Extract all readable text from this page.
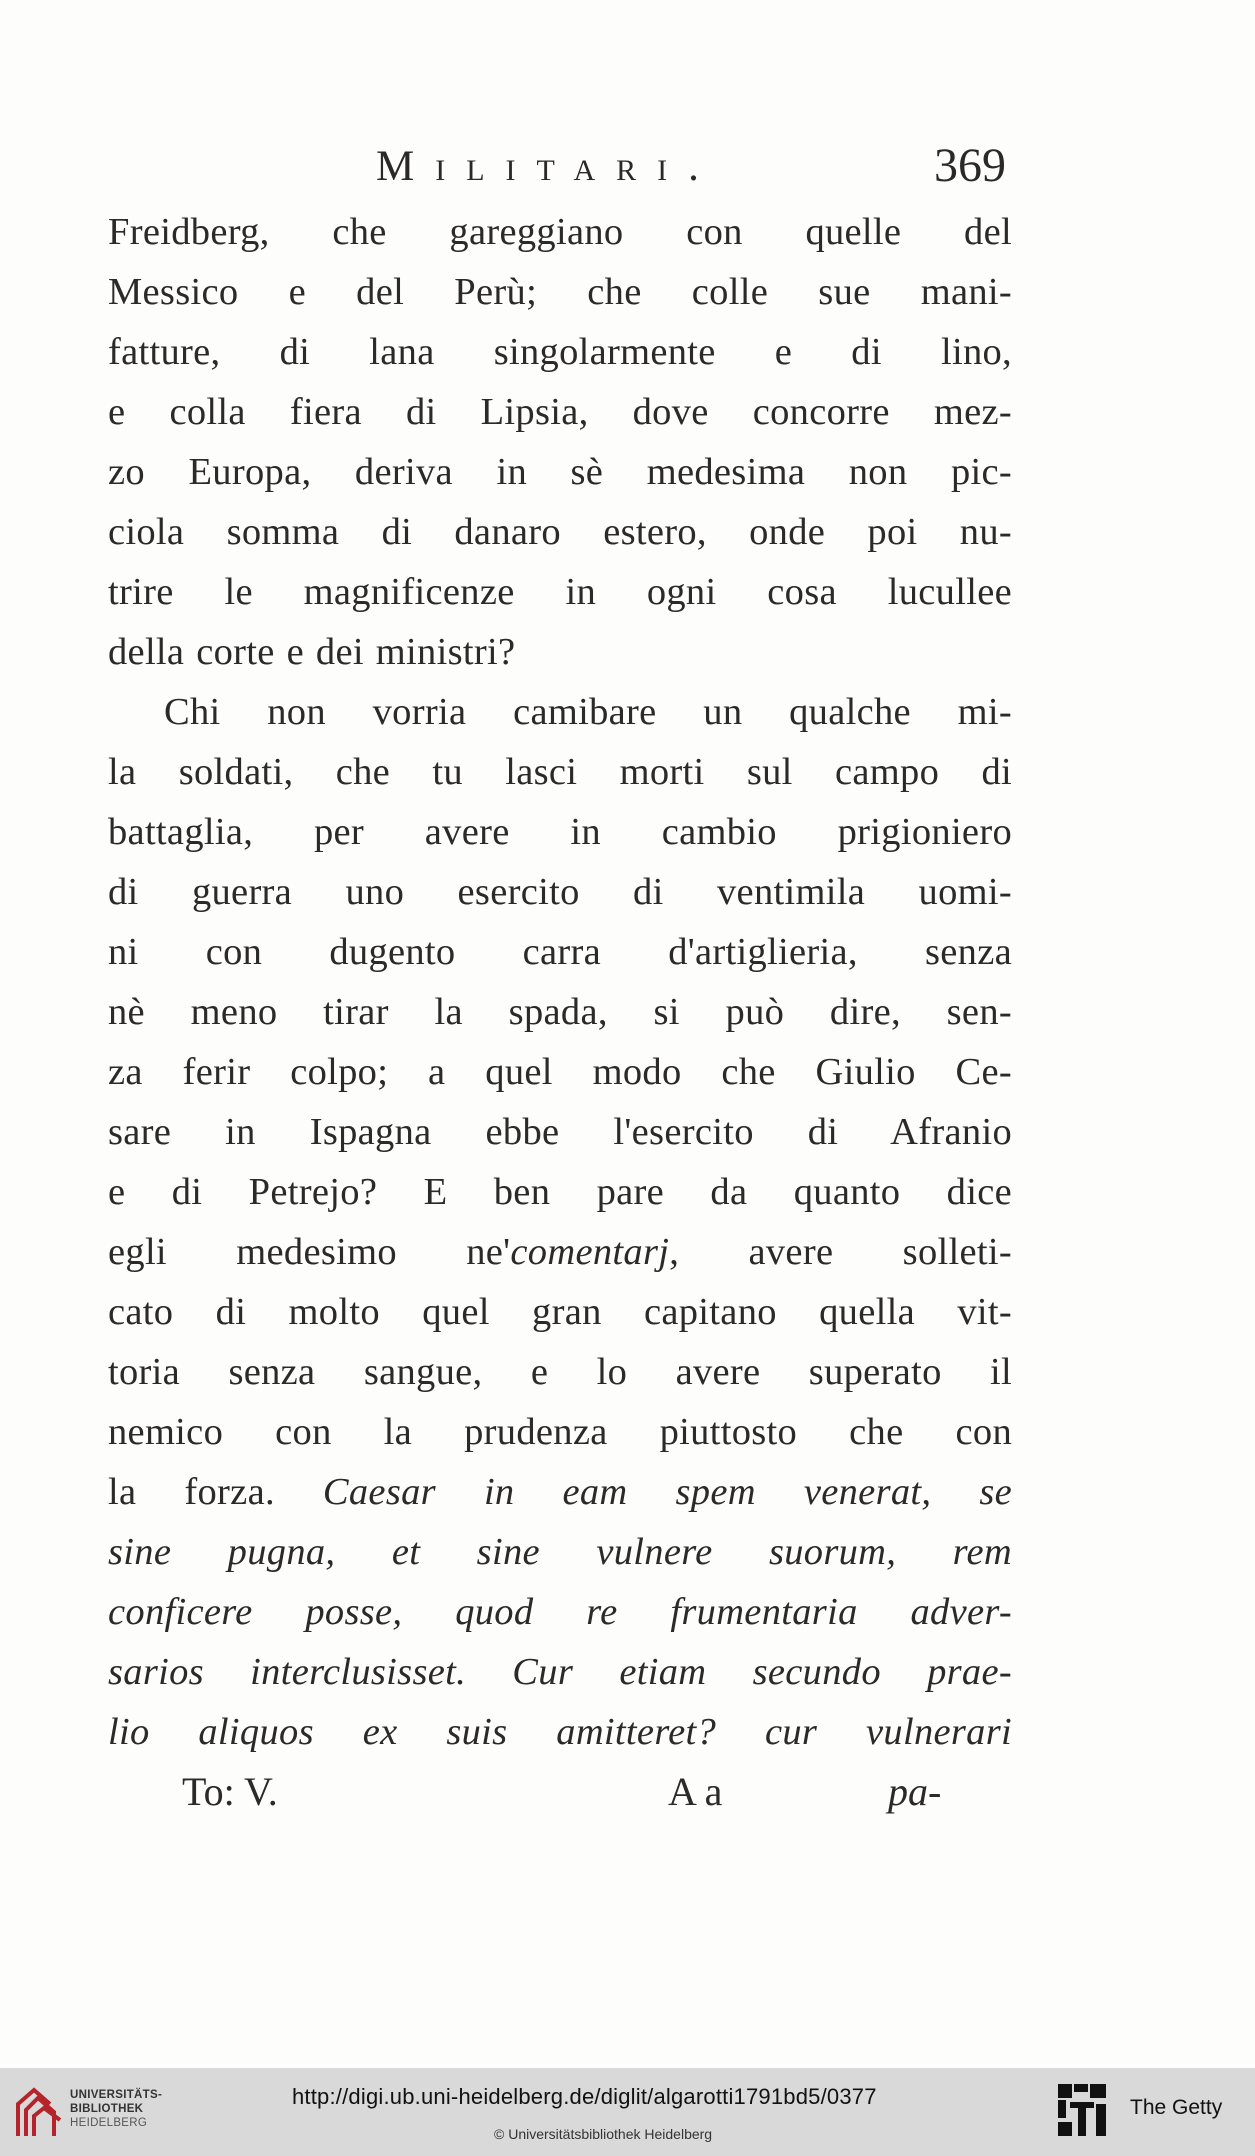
Militari.	369
Freidberg, che gareggiano con quelle del
Messico e del Perù; che colle sue mani-
fatture, di lana singolarmente e di lino,
e colla fiera di Lipsia, dove concorre mez-
zo Europa, deriva in sè medesima non pic-
ciola somma di danaro estero, onde poi nu-
trire le magnificenze in ogni cosa lucullee
della corte e dei ministri?
Chi non vorria camibare un qualche mi-
la soldati, che tu lasci morti sul campo di
battaglia, per avere in cambio prigioniero
di guerra uno esercito di ventimila uomi-
ni con dugento carra d'artiglieria, senza
nè meno tirar la spada, si può dire, sen-
za ferir colpo; a quel modo che Giulio Ce-
sare in Ispagna ebbe l'esercito di Afranio
e di Petrejo? E ben pare da quanto dice
egli medesimo ne'comentarj, avere solleti-
cato di molto quel gran capitano quella vit-
toria senza sangue, e lo avere superato il
nemico con la prudenza piuttosto che con
la forza. Caesar in eam spem venerat, se
sine pugna, et sine vulnere suorum, rem
conficere posse, quod re frumentaria adver-
sarios interclusisset. Cur etiam secundo prae-
lio aliquos ex suis amitteret? cur vulnerari
To: V.	A a	pa-
UNIVERSITÄTS-
BIBLIOTHEK
HEIDELBERG
http://digi.ub.uni-heidelberg.de/diglit/algarotti1791bd5/0377
© Universitätsbibliothek Heidelberg
The Getty
